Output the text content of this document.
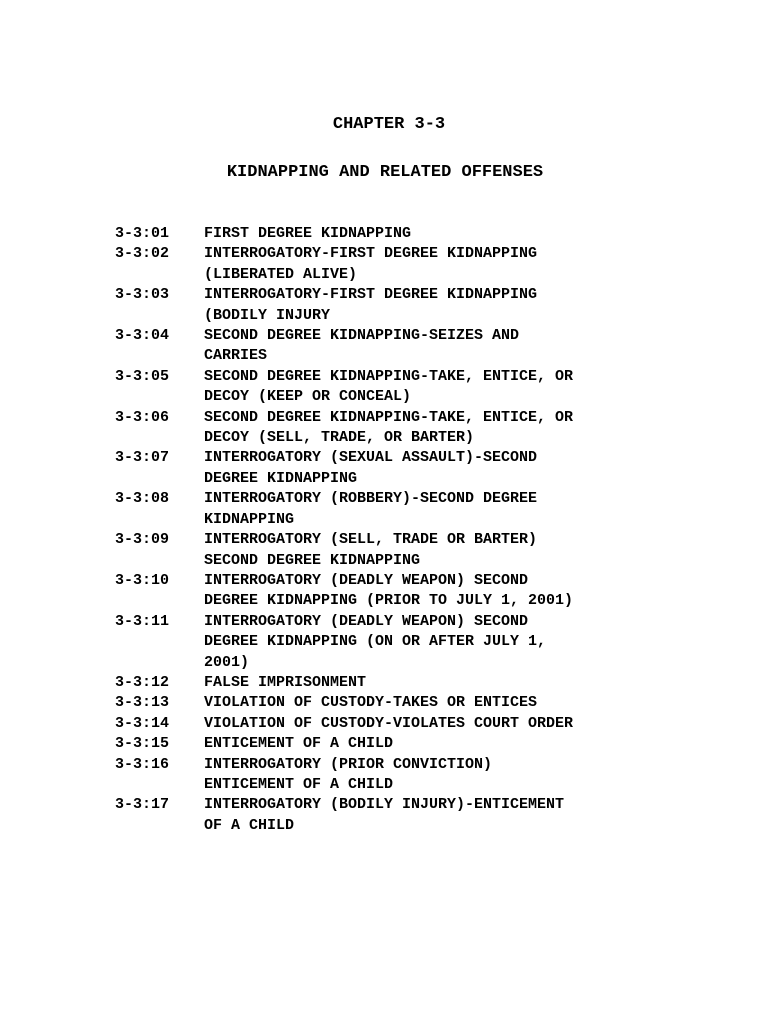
CHAPTER 3-3
KIDNAPPING AND RELATED OFFENSES
3-3:01	FIRST DEGREE KIDNAPPING
3-3:02	INTERROGATORY-FIRST DEGREE KIDNAPPING
(LIBERATED ALIVE)
3-3:03	INTERROGATORY-FIRST DEGREE KIDNAPPING
(BODILY INJURY
3-3:04	SECOND DEGREE KIDNAPPING-SEIZES AND
CARRIES
3-3:05	SECOND DEGREE KIDNAPPING-TAKE, ENTICE, OR
DECOY (KEEP OR CONCEAL)
3-3:06	SECOND DEGREE KIDNAPPING-TAKE, ENTICE, OR
DECOY (SELL, TRADE, OR BARTER)
3-3:07	INTERROGATORY (SEXUAL ASSAULT)-SECOND
DEGREE KIDNAPPING
3-3:08	INTERROGATORY (ROBBERY)-SECOND DEGREE
KIDNAPPING
3-3:09	INTERROGATORY (SELL, TRADE OR BARTER)
SECOND DEGREE KIDNAPPING
3-3:10	INTERROGATORY (DEADLY WEAPON) SECOND
DEGREE KIDNAPPING (PRIOR TO JULY 1, 2001)
3-3:11	INTERROGATORY (DEADLY WEAPON) SECOND
DEGREE KIDNAPPING (ON OR AFTER JULY 1,
2001)
3-3:12	FALSE IMPRISONMENT
3-3:13	VIOLATION OF CUSTODY-TAKES OR ENTICES
3-3:14	VIOLATION OF CUSTODY-VIOLATES COURT ORDER
3-3:15	ENTICEMENT OF A CHILD
3-3:16	INTERROGATORY (PRIOR CONVICTION)
ENTICEMENT OF A CHILD
3-3:17	INTERROGATORY (BODILY INJURY)-ENTICEMENT
OF A CHILD
